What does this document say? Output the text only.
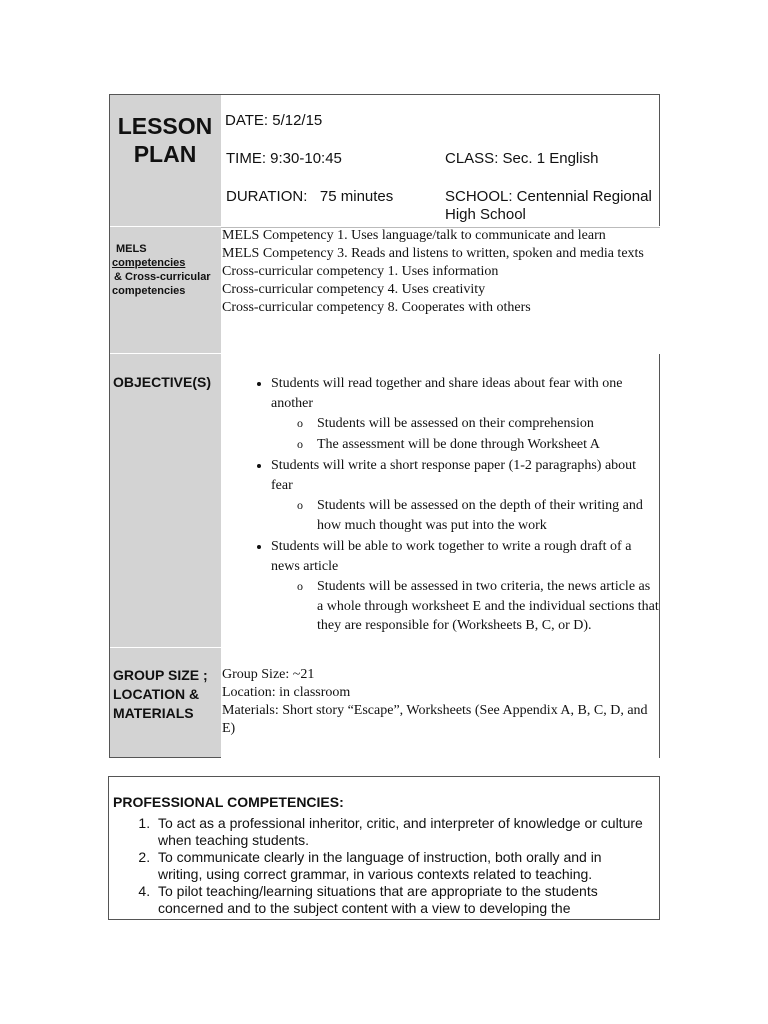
LESSON
PLAN
DATE: 5/12/15
TIME: 9:30-10:45	CLASS: Sec. 1 English
DURATION:   75 minutes	SCHOOL: Centennial Regional
High School
MELS
competencies
& Cross-curricular
competencies
MELS Competency 1. Uses language/talk to communicate and learn
MELS Competency 3. Reads and listens to written, spoken and media texts
Cross-curricular competency 1. Uses information
Cross-curricular competency 4. Uses creativity
Cross-curricular competency 8. Cooperates with others
OBJECTIVE(S)
•	Students will read together and share ideas about fear with one another
o Students will be assessed on their comprehension
o The assessment will be done through Worksheet A
• Students will write a short response paper (1-2 paragraphs) about fear
o Students will be assessed on the depth of their writing and how much thought was put into the work
• Students will be able to work together to write a rough draft of a news article
o Students will be assessed in two criteria, the news article as a whole through worksheet E and the individual sections that they are responsible for (Worksheets B, C, or D).
GROUP SIZE ;
LOCATION &
MATERIALS
Group Size: ~21
Location: in classroom
Materials: Short story “Escape”, Worksheets (See Appendix A, B, C, D, and E)
PROFESSIONAL COMPETENCIES:
1. To act as a professional inheritor, critic, and interpreter of knowledge or culture when teaching students.
2. To communicate clearly in the language of instruction, both orally and in writing, using correct grammar, in various contexts related to teaching.
4. To pilot teaching/learning situations that are appropriate to the students concerned and to the subject content with a view to developing the
